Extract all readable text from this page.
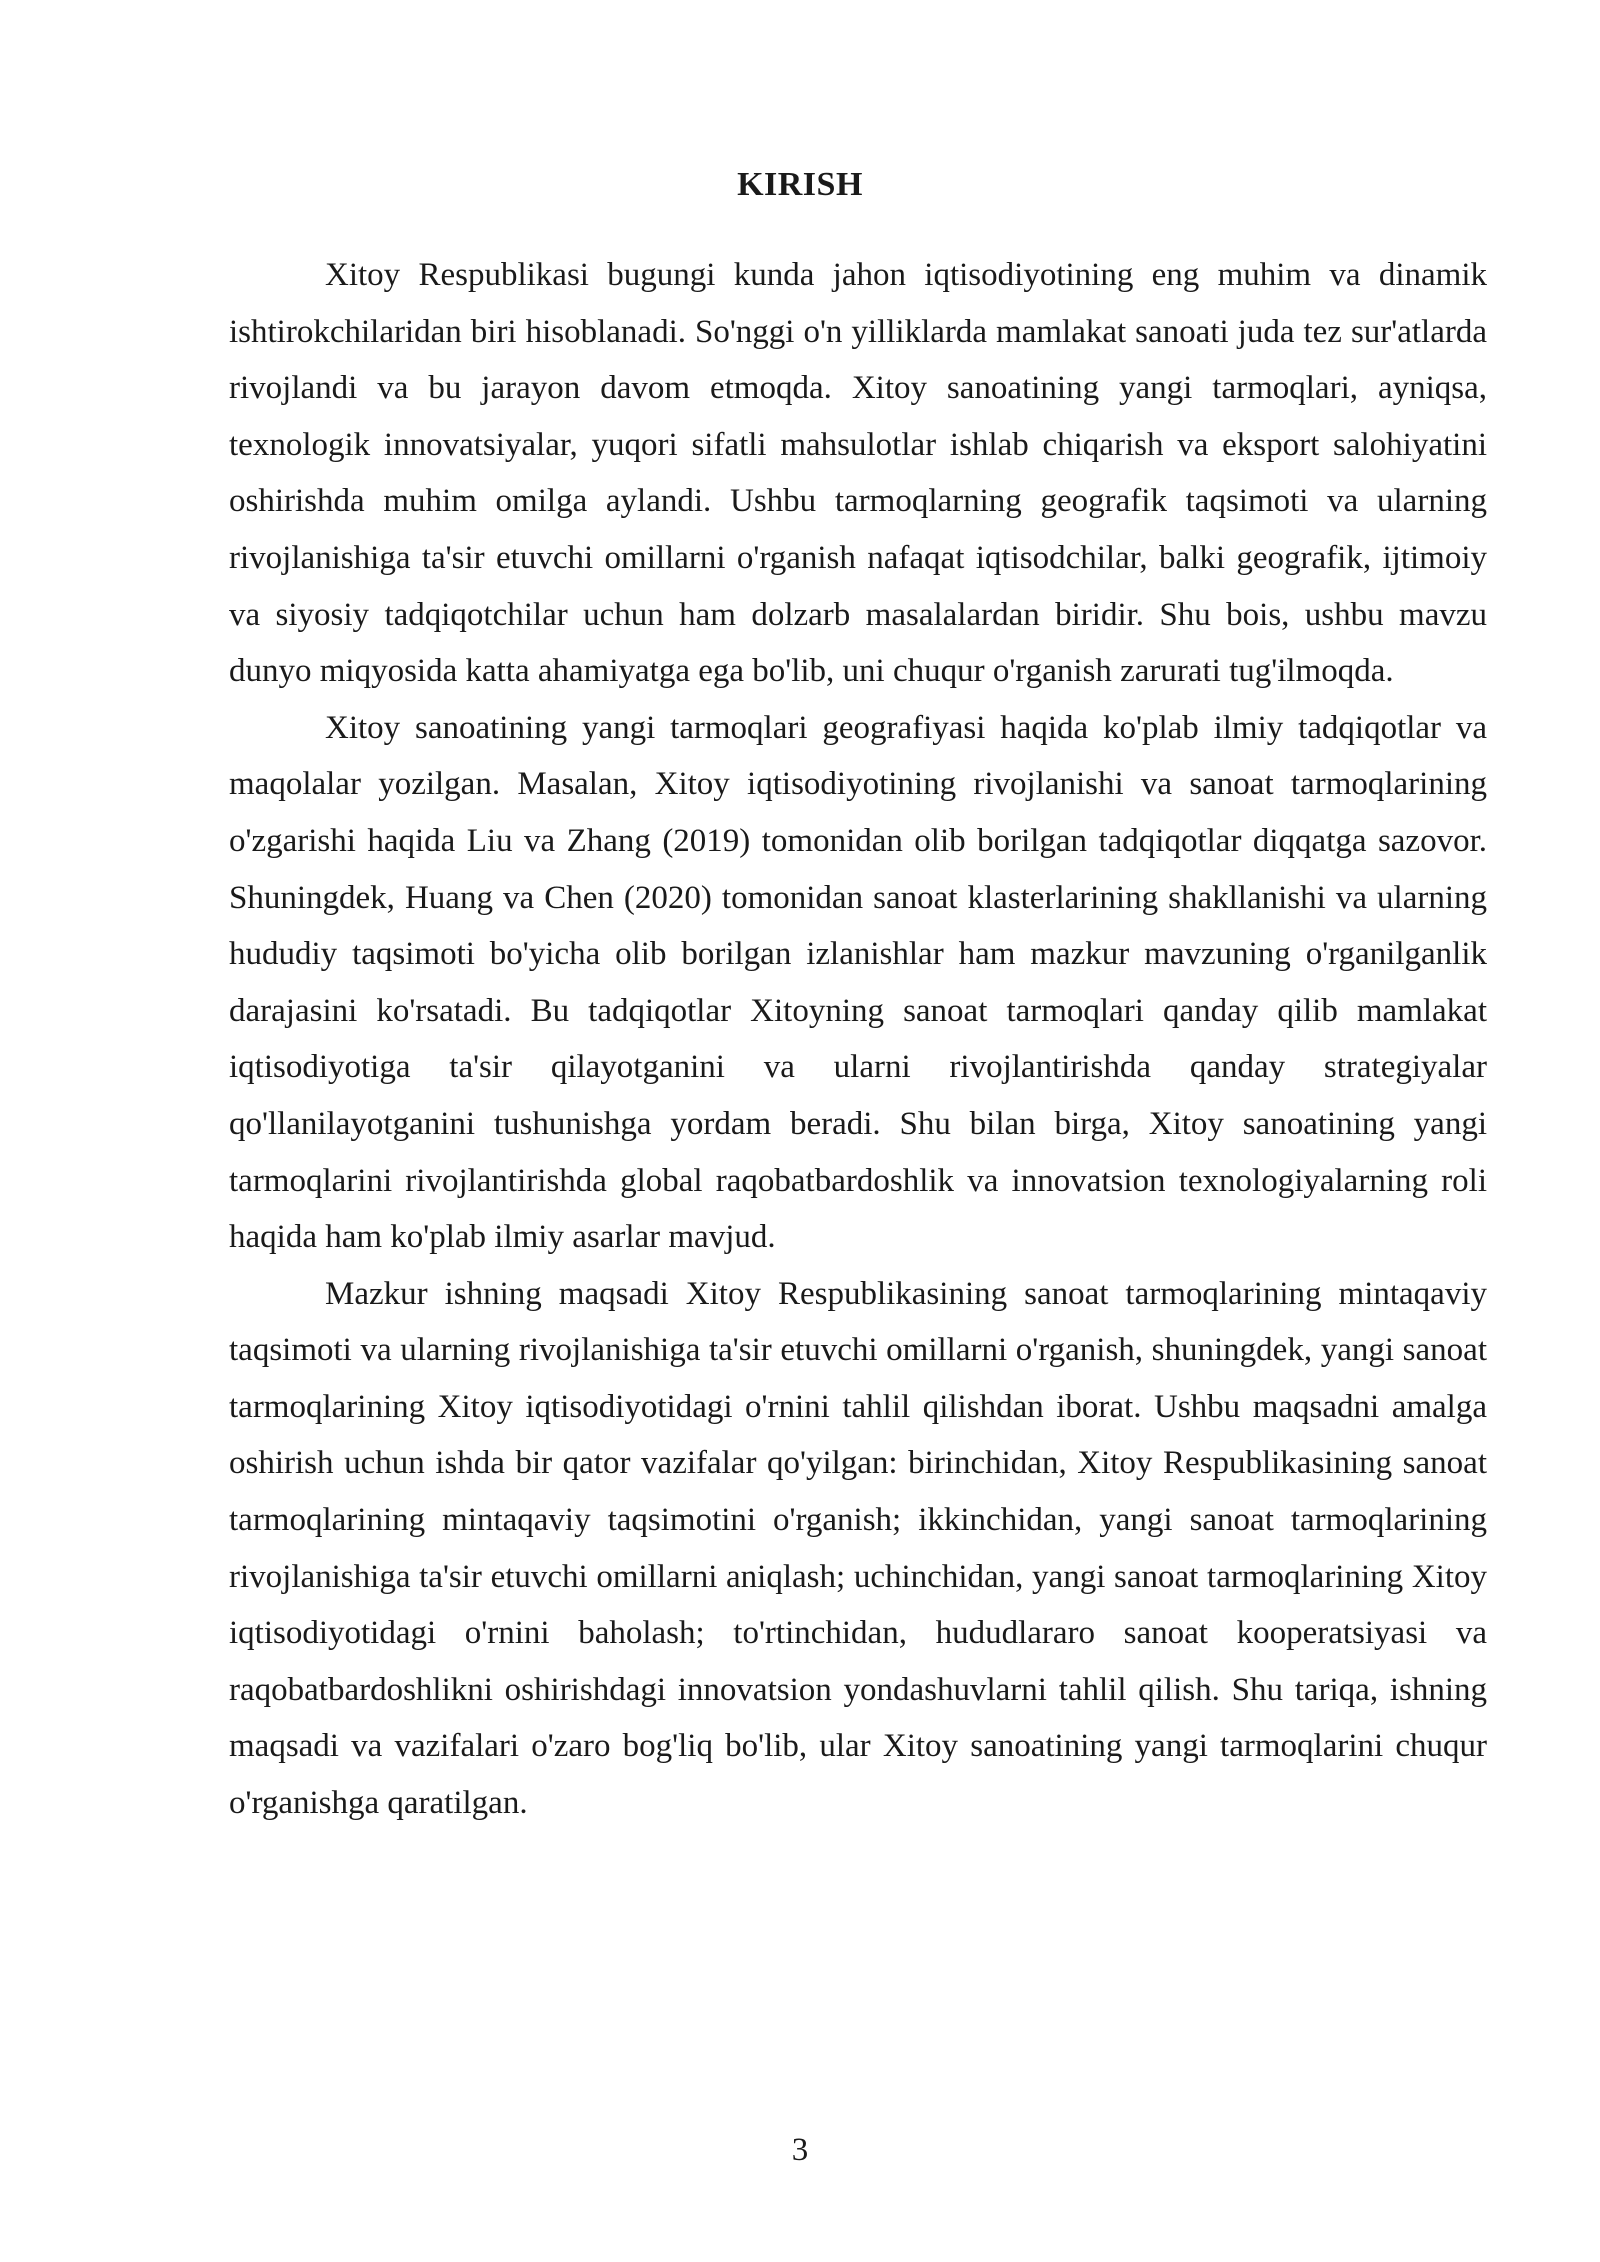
KIRISH

Xitoy Respublikasi bugungi kunda jahon iqtisodiyotining eng muhim va dinamik ishtirokchilaridan biri hisoblanadi. So'nggi o'n yilliklarda mamlakat sanoati juda tez sur'atlarda rivojlandi va bu jarayon davom etmoqda. Xitoy sanoatining yangi tarmoqlari, ayniqsa, texnologik innovatsiyalar, yuqori sifatli mahsulotlar ishlab chiqarish va eksport salohiyatini oshirishda muhim omilga aylandi. Ushbu tarmoqlarning geografik taqsimoti va ularning rivojlanishiga ta'sir etuvchi omillarni o'rganish nafaqat iqtisodchilar, balki geografik, ijtimoiy va siyosiy tadqiqotchilar uchun ham dolzarb masalalardan biridir. Shu bois, ushbu mavzu dunyo miqyosida katta ahamiyatga ega bo'lib, uni chuqur o'rganish zarurati tug'ilmoqda.

Xitoy sanoatining yangi tarmoqlari geografiyasi haqida ko'plab ilmiy tadqiqotlar va maqolalar yozilgan. Masalan, Xitoy iqtisodiyotining rivojlanishi va sanoat tarmoqlarining o'zgarishi haqida Liu va Zhang (2019) tomonidan olib borilgan tadqiqotlar diqqatga sazovor. Shuningdek, Huang va Chen (2020) tomonidan sanoat klasterlarining shakllanishi va ularning hududiy taqsimoti bo'yicha olib borilgan izlanishlar ham mazkur mavzuning o'rganilganlik darajasini ko'rsatadi. Bu tadqiqotlar Xitoyning sanoat tarmoqlari qanday qilib mamlakat iqtisodiyotiga ta'sir qilayotganini va ularni rivojlantirishda qanday strategiyalar qo'llanilayotganini tushunishga yordam beradi. Shu bilan birga, Xitoy sanoatining yangi tarmoqlarini rivojlantirishda global raqobatbardoshlik va innovatsion texnologiyalarning roli haqida ham ko'plab ilmiy asarlar mavjud.

Mazkur ishning maqsadi Xitoy Respublikasining sanoat tarmoqlarining mintaqaviy taqsimoti va ularning rivojlanishiga ta'sir etuvchi omillarni o'rganish, shuningdek, yangi sanoat tarmoqlarining Xitoy iqtisodiyotidagi o'rnini tahlil qilishdan iborat. Ushbu maqsadni amalga oshirish uchun ishda bir qator vazifalar qo'yilgan: birinchidan, Xitoy Respublikasining sanoat tarmoqlarining mintaqaviy taqsimotini o'rganish; ikkinchidan, yangi sanoat tarmoqlarining rivojlanishiga ta'sir etuvchi omillarni aniqlash; uchinchidan, yangi sanoat tarmoqlarining Xitoy iqtisodiyotidagi o'rnini baholash; to'rtinchidan, hududlararo sanoat kooperatsiyasi va raqobatbardoshlikni oshirishdagi innovatsion yondashuvlarni tahlil qilish. Shu tariqa, ishning maqsadi va vazifalari o'zaro bog'liq bo'lib, ular Xitoy sanoatining yangi tarmoqlarini chuqur o'rganishga qaratilgan.

3
